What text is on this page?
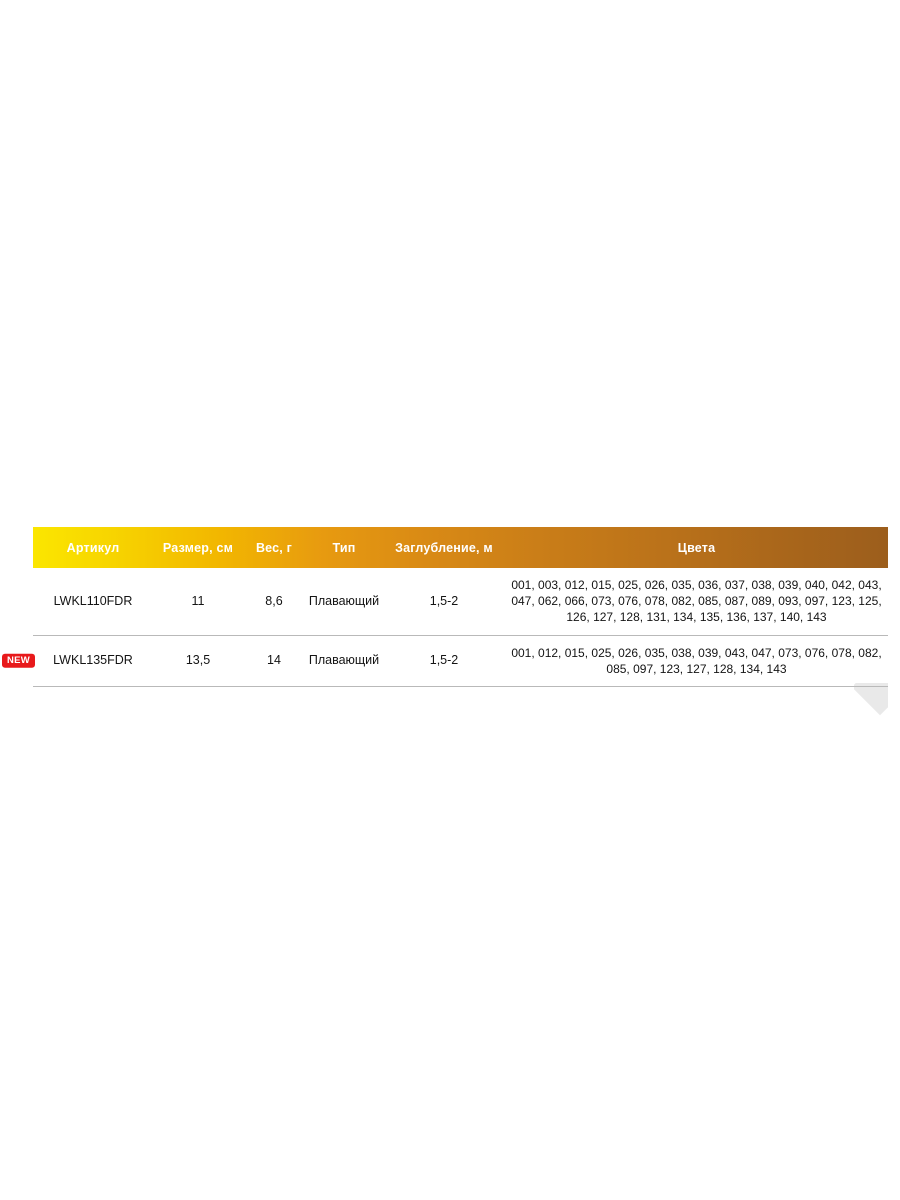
Артикул	Размер, см	Вес, г	Тип	Заглубление, м	Цвета
LWKL110FDR	11	8,6	Плавающий	1,5-2	001, 003, 012, 015, 025, 026, 035, 036, 037, 038, 039, 040, 042, 043, 047, 062, 066, 073, 076, 078, 082, 085, 087, 089, 093, 097, 123, 125, 126, 127, 128, 131, 134, 135, 136, 137, 140, 143

NEW LWKL135FDR	13,5	14	Плавающий	1,5-2	001, 012, 015, 025, 026, 035, 038, 039, 043, 047, 073, 076, 078, 082, 085, 097, 123, 127, 128, 134, 143
